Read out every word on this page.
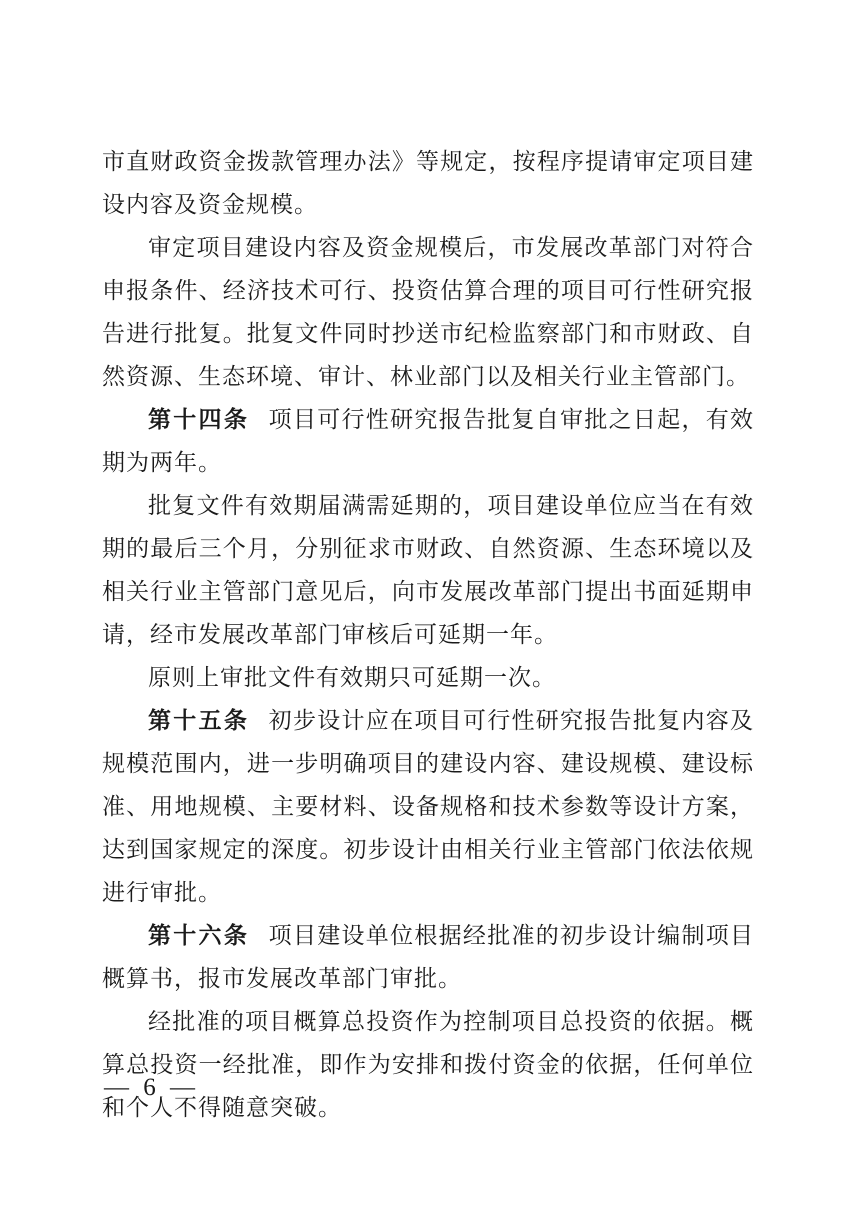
市直财政资金拨款管理办法》等规定，按程序提请审定项目建设内容及资金规模。

审定项目建设内容及资金规模后，市发展改革部门对符合申报条件、经济技术可行、投资估算合理的项目可行性研究报告进行批复。批复文件同时抄送市纪检监察部门和市财政、自然资源、生态环境、审计、林业部门以及相关行业主管部门。

第十四条 项目可行性研究报告批复自审批之日起，有效期为两年。

批复文件有效期届满需延期的，项目建设单位应当在有效期的最后三个月，分别征求市财政、自然资源、生态环境以及相关行业主管部门意见后，向市发展改革部门提出书面延期申请，经市发展改革部门审核后可延期一年。

原则上审批文件有效期只可延期一次。

第十五条 初步设计应在项目可行性研究报告批复内容及规模范围内，进一步明确项目的建设内容、建设规模、建设标准、用地规模、主要材料、设备规格和技术参数等设计方案，达到国家规定的深度。初步设计由相关行业主管部门依法依规进行审批。

第十六条 项目建设单位根据经批准的初步设计编制项目概算书，报市发展改革部门审批。

经批准的项目概算总投资作为控制项目总投资的依据。概算总投资一经批准，即作为安排和拨付资金的依据，任何单位和个人不得随意突破。

— 6 —
